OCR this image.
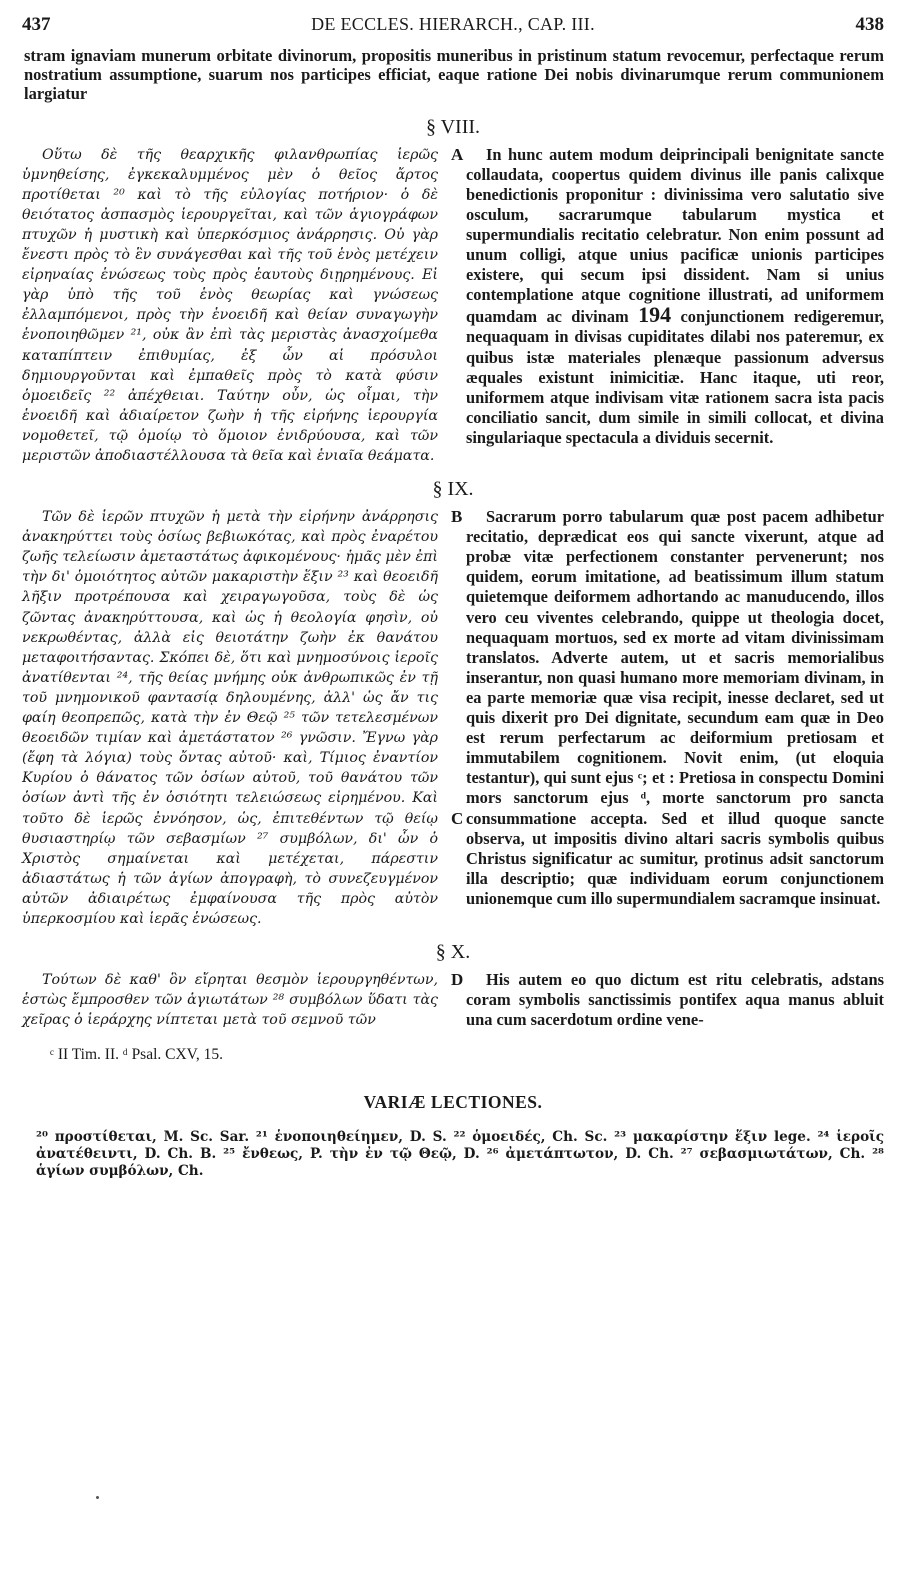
437	DE ECCLES. HIERARCH., CAP. III.	438
stram ignaviam munerum orbitate divinorum, propositis muneribus in pristinum statum revocemur, perfectaque rerum nostratium assumptione, suarum nos participes efficiat, eaque ratione Dei nobis divinarumque rerum communionem largiatur
§ VIII.

Οὕτω δὲ τῆς θεαρχικῆς φιλανθρωπίας ἱερῶς ὑμνηθείσης, ἐγκεκαλυμμένος μὲν ὁ θεῖος ἄρτος προτίθεται ²⁰ καὶ τὸ τῆς εὐλογίας ποτήριον· ὁ δὲ θειότατος ἀσπασμὸς ἱερουργεῖται, καὶ τῶν ἁγιογράφων πτυχῶν ἡ μυστικὴ καὶ ὑπερκόσμιος ἀνάρρησις. Οὐ γὰρ ἔνεστι πρὸς τὸ ἓν συνάγεσθαι καὶ τῆς τοῦ ἑνὸς μετέχειν εἰρηναίας ἑνώσεως τοὺς πρὸς ἑαυτοὺς διῃρημένους. Εἰ γὰρ ὑπὸ τῆς τοῦ ἑνὸς θεωρίας καὶ γνώσεως ἐλλαμπόμενοι, πρὸς τὴν ἑνοειδῆ καὶ θείαν συναγωγὴν ἑνοποιηθῶμεν ²¹, οὐκ ἂν ἐπὶ τὰς μεριστὰς ἀνασχοίμεθα καταπίπτειν ἐπιθυμίας, ἐξ ὧν αἱ πρόσυλοι δημιουργοῦνται καὶ ἐμπαθεῖς πρὸς τὸ κατὰ φύσιν ὁμοειδεῖς ²² ἀπέχθειαι. Ταύτην οὖν, ὡς οἶμαι, τὴν ἑνοειδῆ καὶ ἀδιαίρετον ζωὴν ἡ τῆς εἰρήνης ἱερουργία νομοθετεῖ, τῷ ὁμοίῳ τὸ ὅμοιον ἐνιδρύουσα, καὶ τῶν μεριστῶν ἀποδιαστέλλουσα τὰ θεῖα καὶ ἑνιαῖα θεάματα.

A
B

In hunc autem modum deiprincipali benignitate sancte collaudata, coopertus quidem divinus ille panis calixque benedictionis proponitur : divinissima vero salutatio sive osculum, sacrarumque tabularum mystica et supermundialis recitatio celebratur. Non enim possunt ad unum colligi, atque unius pacificæ unionis participes existere, qui secum ipsi dissident. Nam si unius contemplatione atque cognitione illustrati, ad uniformem quamdam ac divinam 194 conjunctionem redigeremur, nequaquam in divisas cupiditates dilabi nos pateremur, ex quibus istæ materiales plenæque passionum adversus æquales existunt inimicitiæ. Hanc itaque, uti reor, uniformem atque indivisam vitæ rationem sacra ista pacis conciliatio sancit, dum simile in simili collocat, et divina singulariaque spectacula a dividuis secernit.

§ IX.

Τῶν δὲ ἱερῶν πτυχῶν ἡ μετὰ τὴν εἰρήνην ἀνάρρησις ἀνακηρύττει τοὺς ὁσίως βεβιωκότας, καὶ πρὸς ἐναρέτου ζωῆς τελείωσιν ἀμεταστάτως ἀφικομένους· ἡμᾶς μὲν ἐπὶ τὴν δι' ὁμοιότητος αὐτῶν μακαριστὴν ἕξιν ²³ καὶ θεοειδῆ λῆξιν προτρέπουσα καὶ χειραγωγοῦσα, τοὺς δὲ ὡς ζῶντας ἀνακηρύττουσα, καὶ ὡς ἡ θεολογία φησὶν, οὐ νεκρωθέντας, ἀλλὰ εἰς θειοτάτην ζωὴν ἐκ θανάτου μεταφοιτήσαντας. Σκόπει δὲ, ὅτι καὶ μνημοσύνοις ἱεροῖς ἀνατίθενται ²⁴, τῆς θείας μνήμης οὐκ ἀνθρωπικῶς ἐν τῇ τοῦ μνημονικοῦ φαντασίᾳ δηλουμένης, ἀλλ' ὡς ἄν τις φαίη θεοπρεπῶς, κατὰ τὴν ἐν Θεῷ ²⁵ τῶν τετελεσμένων θεοειδῶν τιμίαν καὶ ἀμετάστατον ²⁶ γνῶσιν. Ἔγνω γὰρ (ἔφη τὰ λόγια) τοὺς ὄντας αὐτοῦ· καὶ, Τίμιος ἐναντίον Κυρίου ὁ θάνατος τῶν ὁσίων αὐτοῦ, τοῦ θανάτου τῶν ὁσίων ἀντὶ τῆς ἐν ὁσιότητι τελειώσεως εἰρημένου. Καὶ τοῦτο δὲ ἱερῶς ἐννόησον, ὡς, ἐπιτεθέντων τῷ θείῳ θυσιαστηρίῳ τῶν σεβασμίων ²⁷ συμβόλων, δι' ὧν ὁ Χριστὸς σημαίνεται καὶ μετέχεται, πάρεστιν ἀδιαστάτως ἡ τῶν ἁγίων ἀπογραφὴ, τὸ συνεζευγμένον αὐτῶν ἀδιαιρέτως ἐμφαίνουσα τῆς πρὸς αὐτὸν ὑπερκοσμίου καὶ ἱερᾶς ἑνώσεως.

C

Sacrarum porro tabularum quæ post pacem adhibetur recitatio, deprædicat eos qui sancte vixerunt, atque ad probæ vitæ perfectionem constanter pervenerunt; nos quidem, eorum imitatione, ad beatissimum illum statum quietemque deiformem adhortando ac manuducendo, illos vero ceu viventes celebrando, quippe ut theologia docet, nequaquam mortuos, sed ex morte ad vitam divinissimam translatos. Adverte autem, ut et sacris memorialibus inserantur, non quasi humano more memoriam divinam, in ea parte memoriæ quæ visa recipit, inesse declaret, sed ut quis dixerit pro Dei dignitate, secundum eam quæ in Deo est rerum perfectarum ac deiformium pretiosam et immutabilem cognitionem. Novit enim, (ut eloquia testantur), qui sunt ejus ᶜ; et : Pretiosa in conspectu Domini mors sanctorum ejus ᵈ, morte sanctorum pro sancta consummatione accepta. Sed et illud quoque sancte observa, ut impositis divino altari sacris symbolis quibus Christus significatur ac sumitur, protinus adsit sanctorum illa descriptio; quæ individuam eorum conjunctionem unionemque cum illo supermundialem sacramque insinuat.

§ X.

Τούτων δὲ καθ' ὃν εἴρηται θεσμὸν ἱερουργηθέντων, ἑστὼς ἔμπροσθεν τῶν ἁγιωτάτων ²⁸ συμβόλων ὕδατι τὰς χεῖρας ὁ ἱεράρχης νίπτεται μετὰ τοῦ σεμνοῦ τῶν

D	His autem eo quo dictum est ritu celebratis, adstans coram symbolis sanctissimis pontifex aqua manus abluit una cum sacerdotum ordine vene-

ᶜ II Tim. II. ᵈ Psal. CXV, 15.
VARIÆ LECTIONES.
²⁰ προστίθεται, M. Sc. Sar. ²¹ ἑνοποιηθείημεν, D. S. ²² ὁμοειδές, Ch. Sc. ²³ μακαρίστην ἕξιν lege. ²⁴ ἱεροῖς ἀνατέθειντι, D. Ch. B. ²⁵ ἔνθεως, P. τὴν ἐν τῷ Θεῷ, D. ²⁶ ἀμετάπτωτον, D. Ch. ²⁷ σεβασμιωτάτων, Ch. ²⁸ ἁγίων συμβόλων, Ch.
